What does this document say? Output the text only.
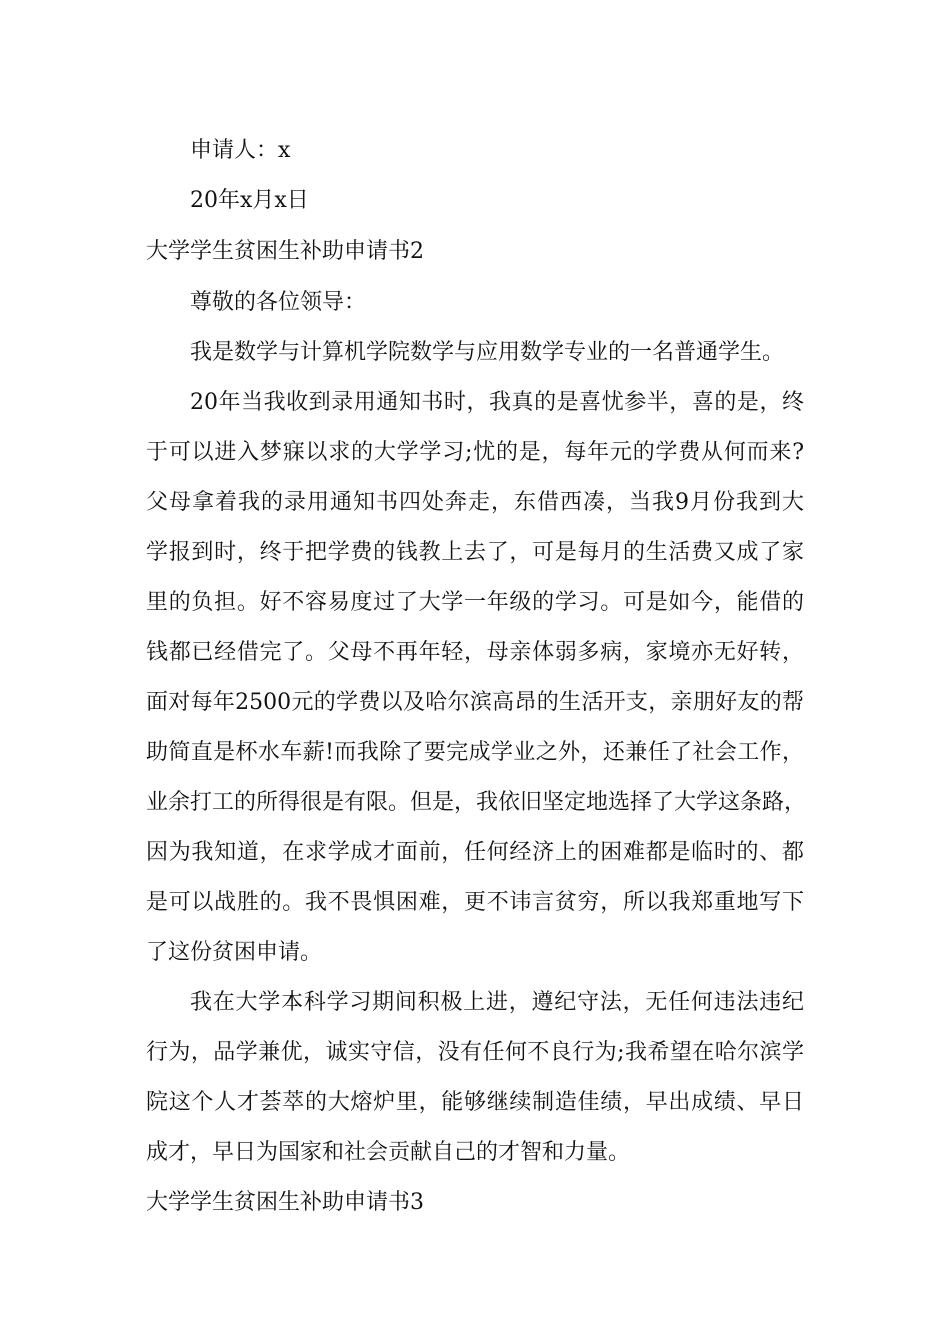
申请人：x
20年x月x日
大学学生贫困生补助申请书2
尊敬的各位领导：
我是数学与计算机学院数学与应用数学专业的一名普通学生。
20年当我收到录用通知书时，我真的是喜忧参半，喜的是，终
于可以进入梦寐以求的大学学习;忧的是，每年元的学费从何而来?
父母拿着我的录用通知书四处奔走，东借西凑，当我9月份我到大
学报到时，终于把学费的钱教上去了，可是每月的生活费又成了家
里的负担。好不容易度过了大学一年级的学习。可是如今，能借的
钱都已经借完了。父母不再年轻，母亲体弱多病，家境亦无好转，
面对每年2500元的学费以及哈尔滨高昂的生活开支，亲朋好友的帮
助简直是杯水车薪!而我除了要完成学业之外，还兼任了社会工作，
业余打工的所得很是有限。但是，我依旧坚定地选择了大学这条路，
因为我知道，在求学成才面前，任何经济上的困难都是临时的、都
是可以战胜的。我不畏惧困难，更不讳言贫穷，所以我郑重地写下
了这份贫困申请。
我在大学本科学习期间积极上进，遵纪守法，无任何违法违纪
行为，品学兼优，诚实守信，没有任何不良行为;我希望在哈尔滨学
院这个人才荟萃的大熔炉里，能够继续制造佳绩，早出成绩、早日
成才，早日为国家和社会贡献自己的才智和力量。
大学学生贫困生补助申请书3
